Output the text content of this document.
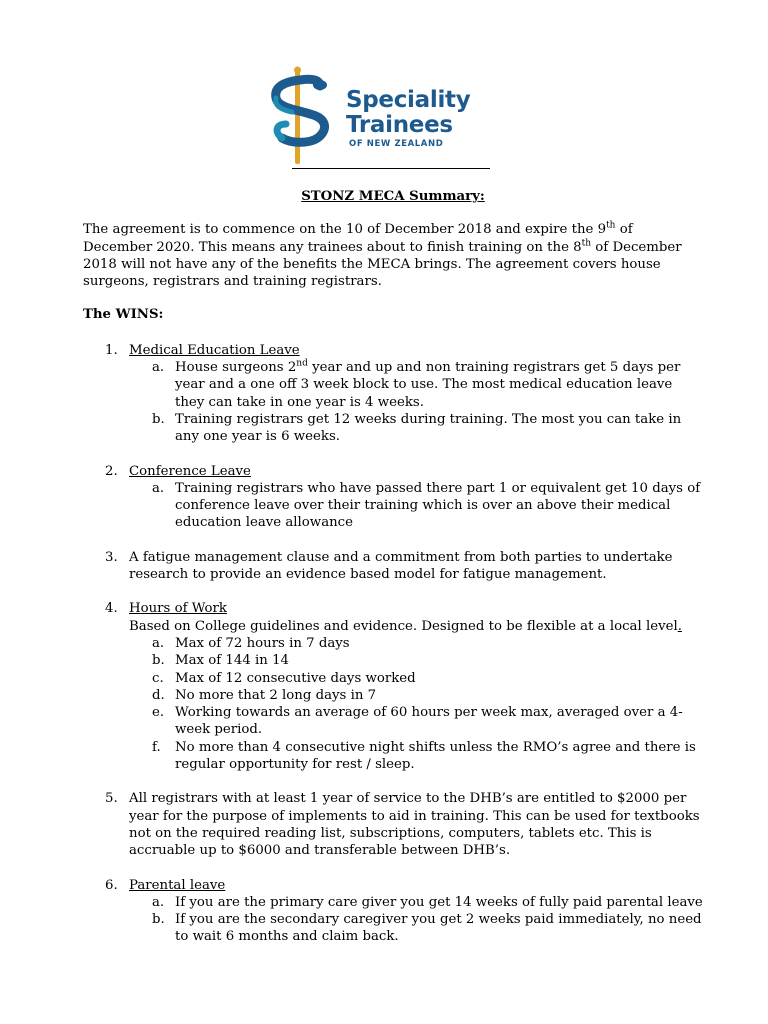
Speciality
Trainees
OF NEW ZEALAND

STONZ MECA Summary:

The agreement is to commence on the 10 of December 2018 and expire the 9th of December 2020. This means any trainees about to finish training on the 8th of December 2018 will not have any of the benefits the MECA brings. The agreement covers house surgeons, registrars and training registrars.

The WINS:

1. Medical Education Leave
a. House surgeons 2nd year and up and non training registrars get 5 days per year and a one off 3 week block to use. The most medical education leave they can take in one year is 4 weeks.
b. Training registrars get 12 weeks during training. The most you can take in any one year is 6 weeks.
2. Conference Leave
a. Training registrars who have passed there part 1 or equivalent get 10 days of conference leave over their training which is over an above their medical education leave allowance
3. A fatigue management clause and a commitment from both parties to undertake research to provide an evidence based model for fatigue management.
4. Hours of Work
Based on College guidelines and evidence. Designed to be flexible at a local level.
a. Max of 72 hours in 7 days
b. Max of 144 in 14
c. Max of 12 consecutive days worked
d. No more that 2 long days in 7
e. Working towards an average of 60 hours per week max, averaged over a 4-week period.
f. No more than 4 consecutive night shifts unless the RMO’s agree and there is regular opportunity for rest / sleep.
5. All registrars with at least 1 year of service to the DHB’s are entitled to $2000 per year for the purpose of implements to aid in training. This can be used for textbooks not on the required reading list, subscriptions, computers, tablets etc. This is accruable up to $6000 and transferable between DHB’s.
6. Parental leave
a. If you are the primary care giver you get 14 weeks of fully paid parental leave
b. If you are the secondary caregiver you get 2 weeks paid immediately, no need to wait 6 months and claim back.
